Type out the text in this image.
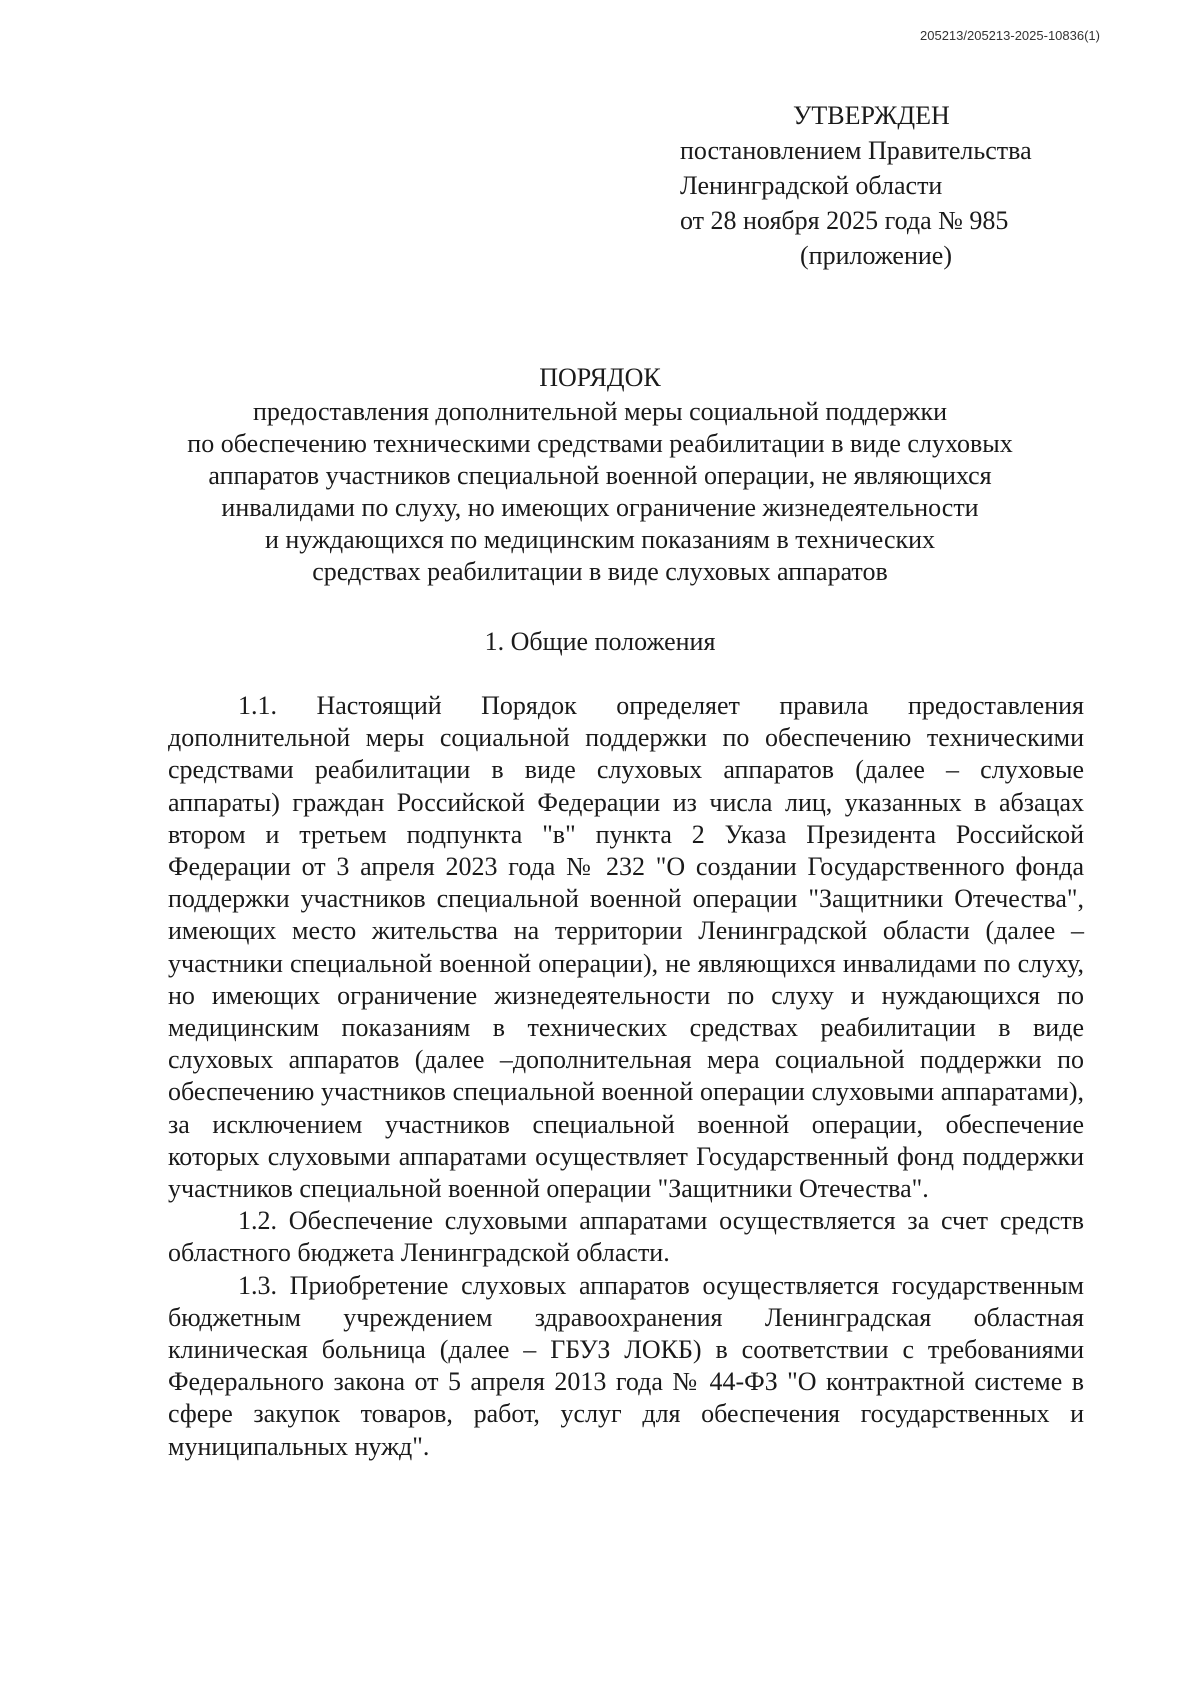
205213/205213-2025-10836(1)
УТВЕРЖДЕН
постановлением Правительства
Ленинградской области
от 28 ноября 2025 года № 985
(приложение)
ПОРЯДОК
предоставления дополнительной меры социальной поддержки
по обеспечению техническими средствами реабилитации в виде слуховых
аппаратов участников специальной военной операции, не являющихся
инвалидами по слуху, но имеющих ограничение жизнедеятельности
и нуждающихся по медицинским показаниям в технических
средствах реабилитации в виде слуховых аппаратов
1. Общие положения

1.1. Настоящий Порядок определяет правила предоставления дополнительной меры социальной поддержки по обеспечению техническими средствами реабилитации в виде слуховых аппаратов (далее – слуховые аппараты) граждан Российской Федерации из числа лиц, указанных в абзацах втором и третьем подпункта "в" пункта 2 Указа Президента Российской Федерации от 3 апреля 2023 года № 232 "О создании Государственного фонда поддержки участников специальной военной операции "Защитники Отечества", имеющих место жительства на территории Ленинградской области (далее – участники специальной военной операции), не являющихся инвалидами по слуху, но имеющих ограничение жизнедеятельности по слуху и нуждающихся по медицинским показаниям в технических средствах реабилитации в виде слуховых аппаратов (далее –дополнительная мера социальной поддержки по обеспечению участников специальной военной операции слуховыми аппаратами), за исключением участников специальной военной операции, обеспечение которых слуховыми аппаратами осуществляет Государственный фонд поддержки участников специальной военной операции "Защитники Отечества".

1.2. Обеспечение слуховыми аппаратами осуществляется за счет средств областного бюджета Ленинградской области.

1.3. Приобретение слуховых аппаратов осуществляется государственным бюджетным учреждением здравоохранения Ленинградская областная клиническая больница (далее – ГБУЗ ЛОКБ) в соответствии с требованиями Федерального закона от 5 апреля 2013 года № 44-ФЗ "О контрактной системе в сфере закупок товаров, работ, услуг для обеспечения государственных и муниципальных нужд".
